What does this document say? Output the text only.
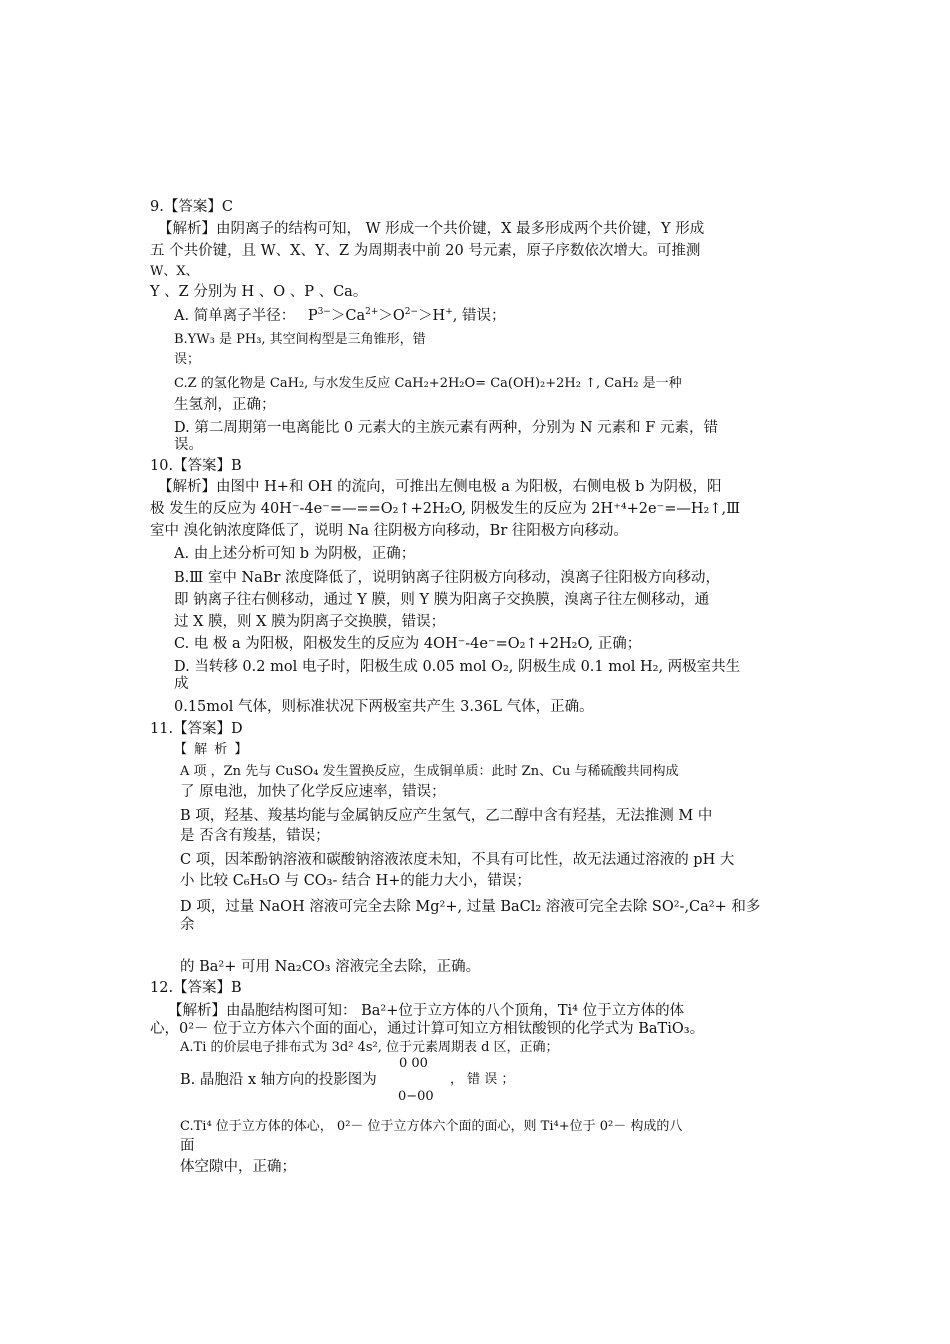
9.【答案】C
【解析】由阴离子的结构可知， W 形成一个共价键，X 最多形成两个共价键，Y 形成
五 个共价键，且 W、X、Y、Z 为周期表中前 20 号元素，原子序数依次增大。可推测
W、X、
Y 、Z 分别为 H 、O 、P 、Ca。
A. 简单离子半径： $P^{3-}>Ca^{2+}>O^{2-}>H^+$, 错误；
B.YW₃ 是 PH₃, 其空间构型是三角锥形，错
误；
C.Z 的氢化物是 CaH₂, 与水发生反应 CaH₂+2H₂O= Ca(OH)₂+2H₂ ↑, CaH₂ 是一种
生氢剂，正确；
D. 第二周期第一电离能比 0 元素大的主族元素有两种，分别为 N 元素和 F 元素，错
误。
10.【答案】B
【解析】由图中 H+和 OH 的流向，可推出左侧电极 a 为阳极，右侧电极 b 为阴极，阳
极 发生的反应为 40H⁻-4e⁻=—==O₂↑+2H₂O, 阴极发生的反应为 2H⁺⁴+2e⁻=—H₂↑,Ⅲ
室中 溴化钠浓度降低了，说明 Na 往阴极方向移动，Br 往阳极方向移动。
A. 由上述分析可知 b 为阴极，正确；
B.Ⅲ 室中 NaBr 浓度降低了，说明钠离子往阴极方向移动，溴离子往阳极方向移动，
即 钠离子往右侧移动，通过 Y 膜，则 Y 膜为阳离子交换膜，溴离子往左侧移动，通
过 X 膜，则 X 膜为阴离子交换膜，错误；
C. 电 极 a 为阳极，阳极发生的反应为 4OH⁻-4e⁻=O₂↑+2H₂O, 正确；
D. 当转移 0.2 mol 电子时，阳极生成 0.05 mol O₂, 阴极生成 0.1 mol H₂, 两极室共生
成
0.15mol 气体，则标准状况下两极室共产生 3.36L 气体，正确。
11.【答案】D
【 解 析 】
A 项 ，Zn 先与 CuSO₄ 发生置换反应，生成铜单质：此时 Zn、Cu 与稀硫酸共同构成
了 原电池，加快了化学反应速率，错误；
B 项，羟基、羧基均能与金属钠反应产生氢气，乙二醇中含有羟基，无法推测 M 中
是 否含有羧基，错误；
C 项，因苯酚钠溶液和碳酸钠溶液浓度未知，不具有可比性，故无法通过溶液的 pH 大
小 比较 C₆H₅O 与 CO₃- 结合 H+的能力大小，错误；
D 项，过量 NaOH 溶液可完全去除 Mg²+, 过量 BaCl₂ 溶液可完全去除 SO²-,Ca²+ 和多
余
的 Ba²+ 可用 Na₂CO₃ 溶液完全去除，正确。
12.【答案】B
【解析】由晶胞结构图可知： Ba²+位于立方体的八个顶角，Ti⁴ 位于立方体的体
心，0²－ 位于立方体六个面的面心，通过计算可知立方相钛酸钡的化学式为 BaTiO₃。
A.Ti 的价层电子排布式为 3d² 4s², 位于元素周期表 d 区，正确；
0 00
B. 晶胞沿 x 轴方向的投影图为	， 错 误 ；
0−00
C.Ti⁴ 位于立方体的体心， 0²－ 位于立方体六个面的面心，则 Ti⁴+位于 0²－ 构成的八
面
体空隙中，正确；
